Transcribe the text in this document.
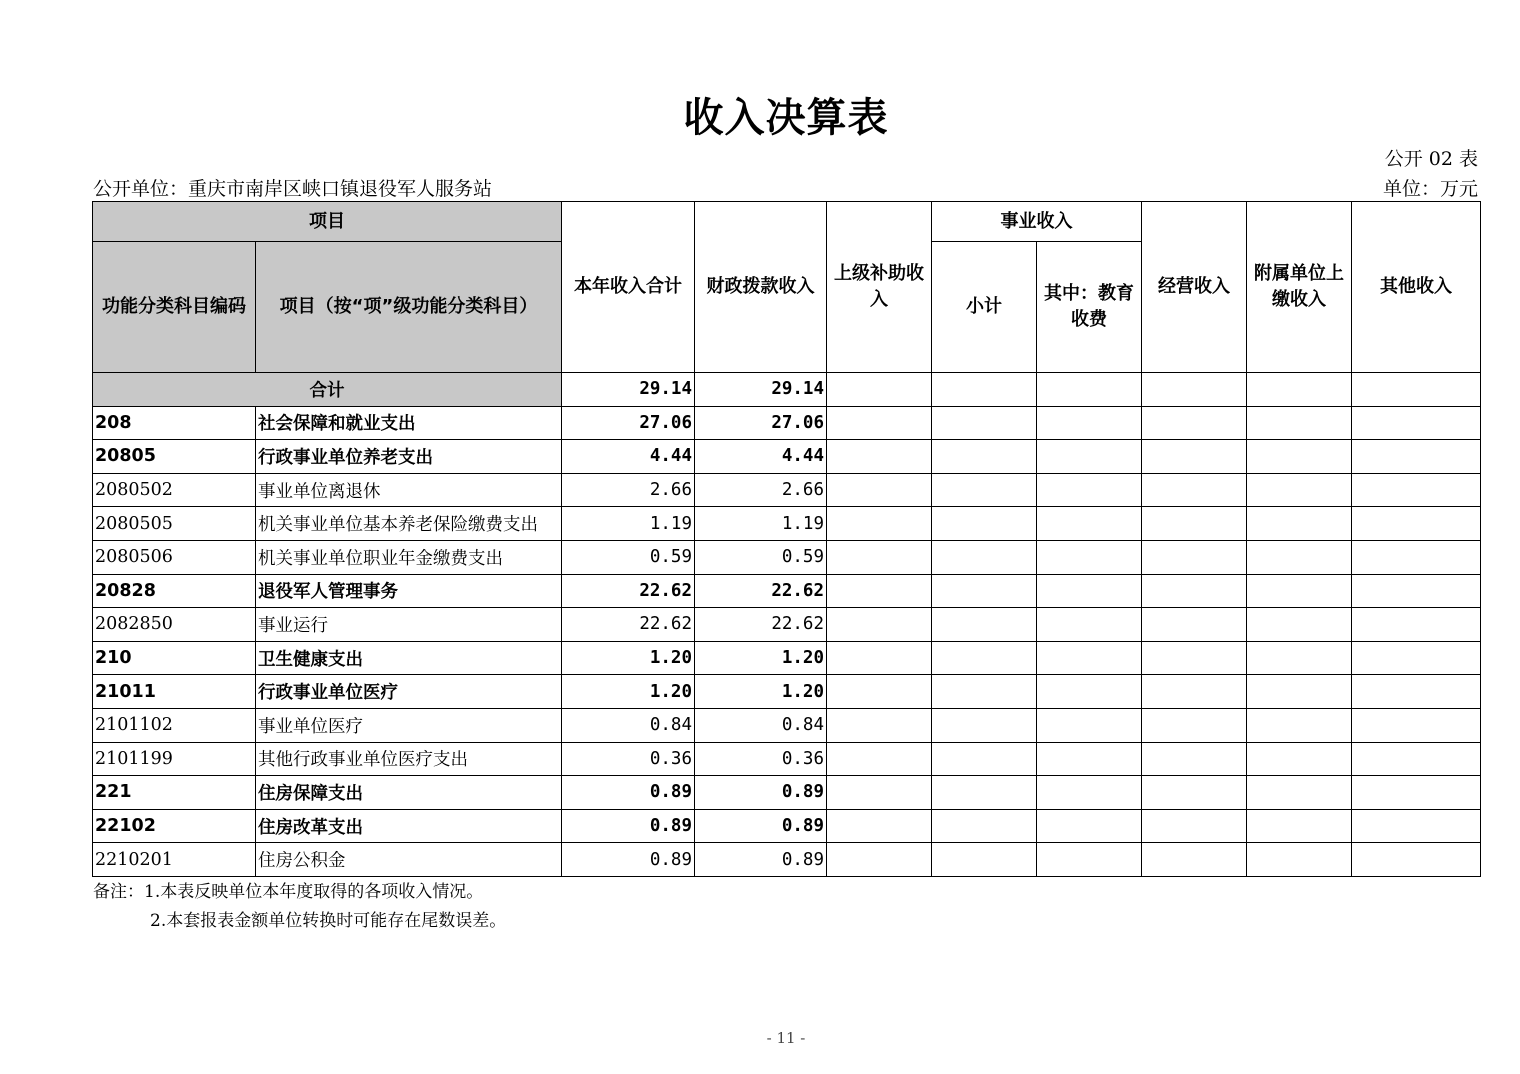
收入决算表
公开 02 表
公开单位：重庆市南岸区峡口镇退役军人服务站	单位：万元
项目		本年收入合计	财政拨款收入	上级补助收入	事业收入		经营收入	附属单位上缴收入	其他收入
功能分类科目编码	项目（按“项”级功能分类科目）				小计	其中：教育收费			
合计		29.14	29.14						
208	社会保障和就业支出	27.06	27.06						
20805	行政事业单位养老支出	4.44	4.44						
2080502	事业单位离退休	2.66	2.66						
2080505	机关事业单位基本养老保险缴费支出	1.19	1.19						
2080506	机关事业单位职业年金缴费支出	0.59	0.59						
20828	退役军人管理事务	22.62	22.62						
2082850	事业运行	22.62	22.62						
210	卫生健康支出	1.20	1.20						
21011	行政事业单位医疗	1.20	1.20						
2101102	事业单位医疗	0.84	0.84						
2101199	其他行政事业单位医疗支出	0.36	0.36						
221	住房保障支出	0.89	0.89						
22102	住房改革支出	0.89	0.89						
2210201	住房公积金	0.89	0.89						
备注：1.本表反映单位本年度取得的各项收入情况。
2.本套报表金额单位转换时可能存在尾数误差。
- 11 -
